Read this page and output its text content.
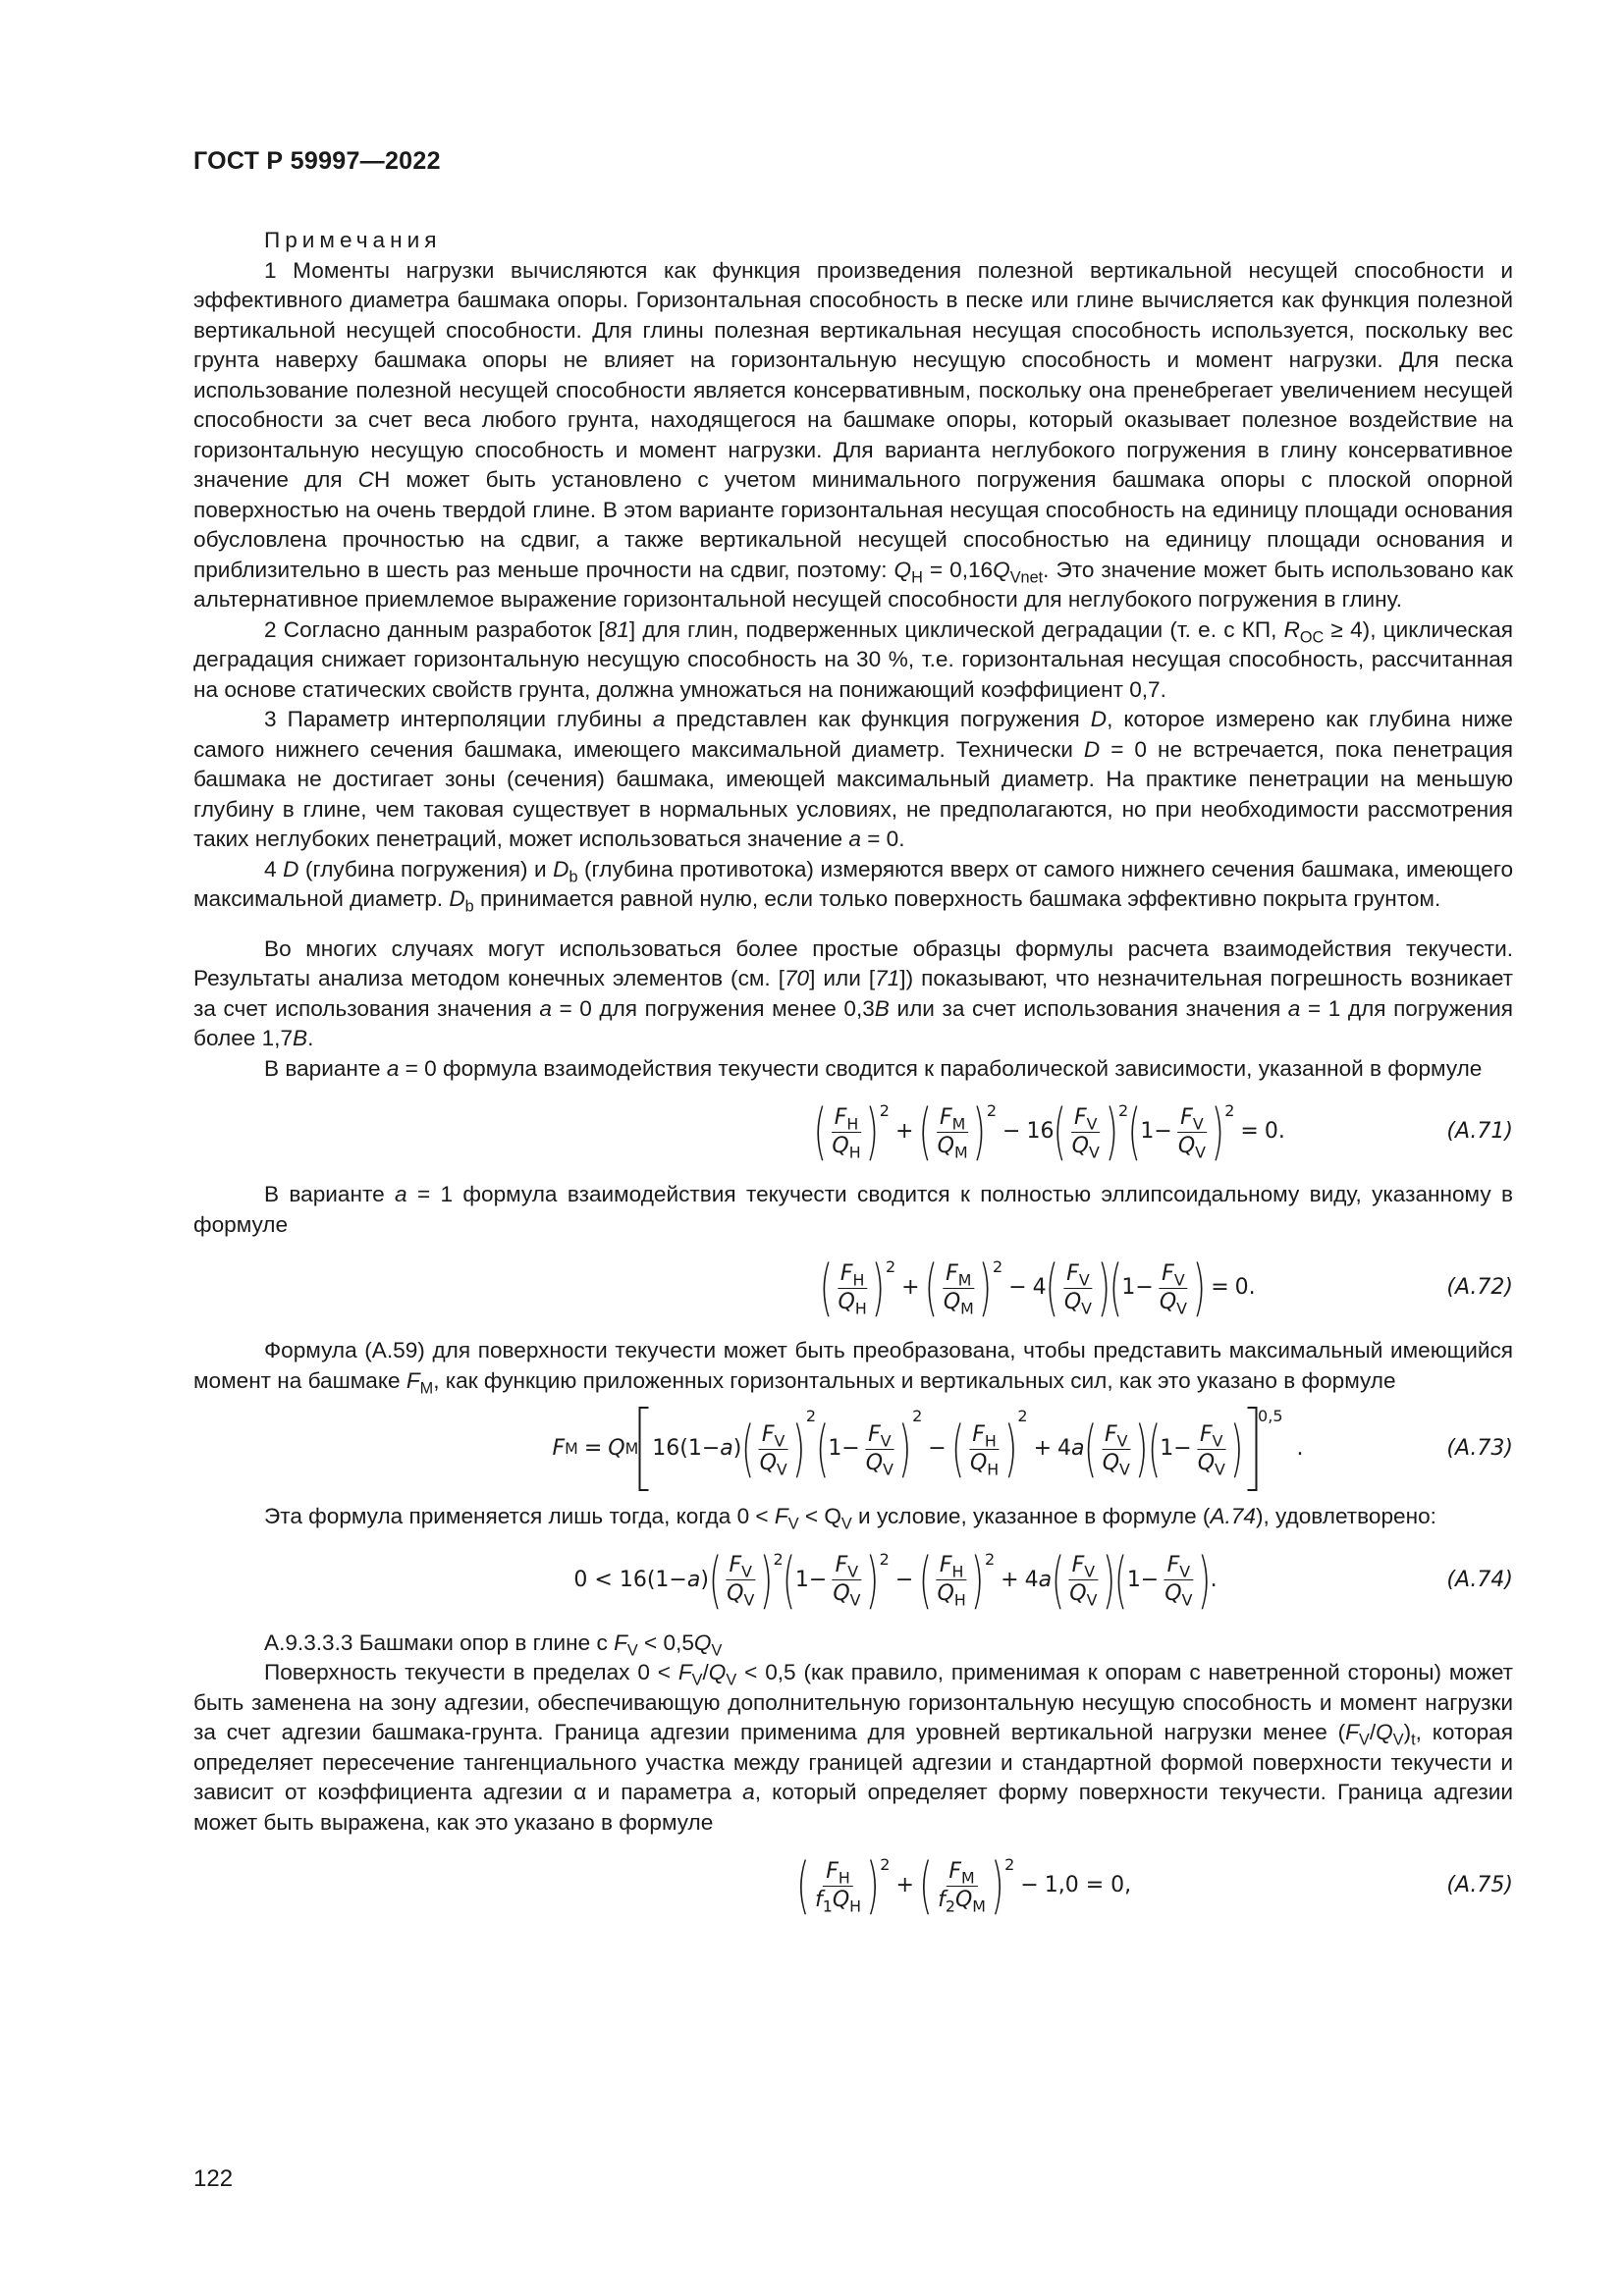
ГОСТ Р 59997—2022

Примечания

1 Моменты нагрузки вычисляются как функция произведения полезной вертикальной несущей способности и эффективного диаметра башмака опоры. Горизонтальная способность в песке или глине вычисляется как функция полезной вертикальной несущей способности. Для глины полезная вертикальная несущая способность используется, поскольку вес грунта наверху башмака опоры не влияет на горизонтальную несущую способность и момент нагрузки. Для песка использование полезной несущей способности является консервативным, поскольку она пренебрегает увеличением несущей способности за счет веса любого грунта, находящегося на башмаке опоры, который оказывает полезное воздействие на горизонтальную несущую способность и момент нагрузки. Для варианта неглубокого погружения в глину консервативное значение для CH может быть установлено с учетом минимального погружения башмака опоры с плоской опорной поверхностью на очень твердой глине. В этом варианте горизонтальная несущая способность на единицу площади основания обусловлена прочностью на сдвиг, а также вертикальной несущей способностью на единицу площади основания и приблизительно в шесть раз меньше прочности на сдвиг, поэтому: $Q_H = 0,16Q_{Vnet}$. Это значение может быть использовано как альтернативное приемлемое выражение горизонтальной несущей способности для неглубокого погружения в глину.

2 Согласно данным разработок [81] для глин, подверженных циклической деградации (т. е. с КП, $R_{OC} \ge 4$), циклическая деградация снижает горизонтальную несущую способность на 30 %, т.е. горизонтальная несущая способность, рассчитанная на основе статических свойств грунта, должна умножаться на понижающий коэффициент 0,7.

3 Параметр интерполяции глубины a представлен как функция погружения D, которое измерено как глубина ниже самого нижнего сечения башмака, имеющего максимальной диаметр. Технически D = 0 не встречается, пока пенетрация башмака не достигает зоны (сечения) башмака, имеющей максимальный диаметр. На практике пенетрации на меньшую глубину в глине, чем таковая существует в нормальных условиях, не предполагаются, но при необходимости рассмотрения таких неглубоких пенетраций, может использоваться значение a = 0.

4 D (глубина погружения) и $D_b$ (глубина противотока) измеряются вверх от самого нижнего сечения башмака, имеющего максимальной диаметр. $D_b$ принимается равной нулю, если только поверхность башмака эффективно покрыта грунтом.

Во многих случаях могут использоваться более простые образцы формулы расчета взаимодействия текучести. Результаты анализа методом конечных элементов (см. [70] или [71]) показывают, что незначительная погрешность возникает за счет использования значения a = 0 для погружения менее 0,3B или за счет использования значения a = 1 для погружения более 1,7B.

В варианте a = 0 формула взаимодействия текучести сводится к параболической зависимости, указанной в формуле

( $\frac{F_H}{Q_H}$ ) 2
+ ( $\frac{F_M}{Q_M}$ ) 2
− 16 ( $\frac{F_V}{Q_V}$ ) 2 ( $1- \frac{F_V}{Q_V}$ ) 2
= 0.	(A.71)

В варианте a = 1 формула взаимодействия текучести сводится к полностью эллипсоидальному виду, указанному в формуле

( $\frac{F_H}{Q_H}$ ) 2
+ ( $\frac{F_M}{Q_M}$ ) 2
− 4 ( $\frac{F_V}{Q_V}$ )
( $1- \frac{F_V}{Q_V}$ ) = 0.	(A.72)

Формула (А.59) для поверхности текучести может быть преобразована, чтобы представить максимальный имеющийся момент на башмаке $F_M$, как функцию приложенных горизонтальных и вертикальных сил, как это указано в формуле

F M = Q M 16(1− a ) ( $\frac{F_V}{Q_V}$ ) 2 ( $1- \frac{F_V}{Q_V}$ ) 2
− ( $\frac{F_H}{Q_H}$ ) 2
+ 4 a ( $\frac{F_V}{Q_V}$ )
( $1- \frac{F_V}{Q_V}$ ) 0,5
.	(A.73)

Эта формула применяется лишь тогда, когда $0 < F_V < Q_V$ и условие, указанное в формуле (A.74), удовлетворено:

0 <
16(1− a ) ( $\frac{F_V}{Q_V}$ ) 2 ( $1- \frac{F_V}{Q_V}$ ) 2
− ( $\frac{F_H}{Q_H}$ ) 2
+ 4 a ( $\frac{F_V}{Q_V}$ )
( $1- \frac{F_V}{Q_V}$ ) .	(A.74)

А.9.3.3.3 Башмаки опор в глине с $F_V < 0,5Q_V$

Поверхность текучести в пределах $0 < F_V/Q_V < 0,5$ (как правило, применимая к опорам с наветренной стороны) может быть заменена на зону адгезии, обеспечивающую дополнительную горизонтальную несущую способность и момент нагрузки за счет адгезии башмака-грунта. Граница адгезии применима для уровней вертикальной нагрузки менее $(F_V/Q_V)_t$, которая определяет пересечение тангенциального участка между границей адгезии и стандартной формой поверхности текучести и зависит от коэффициента адгезии α и параметра a, который определяет форму поверхности текучести. Граница адгезии может быть выражена, как это указано в формуле

( $\frac{F_H}{f_1Q_H}$ ) 2
+ ( $\frac{F_M}{f_2Q_M}$ ) 2
− 1,0 = 0,	(A.75)
122
